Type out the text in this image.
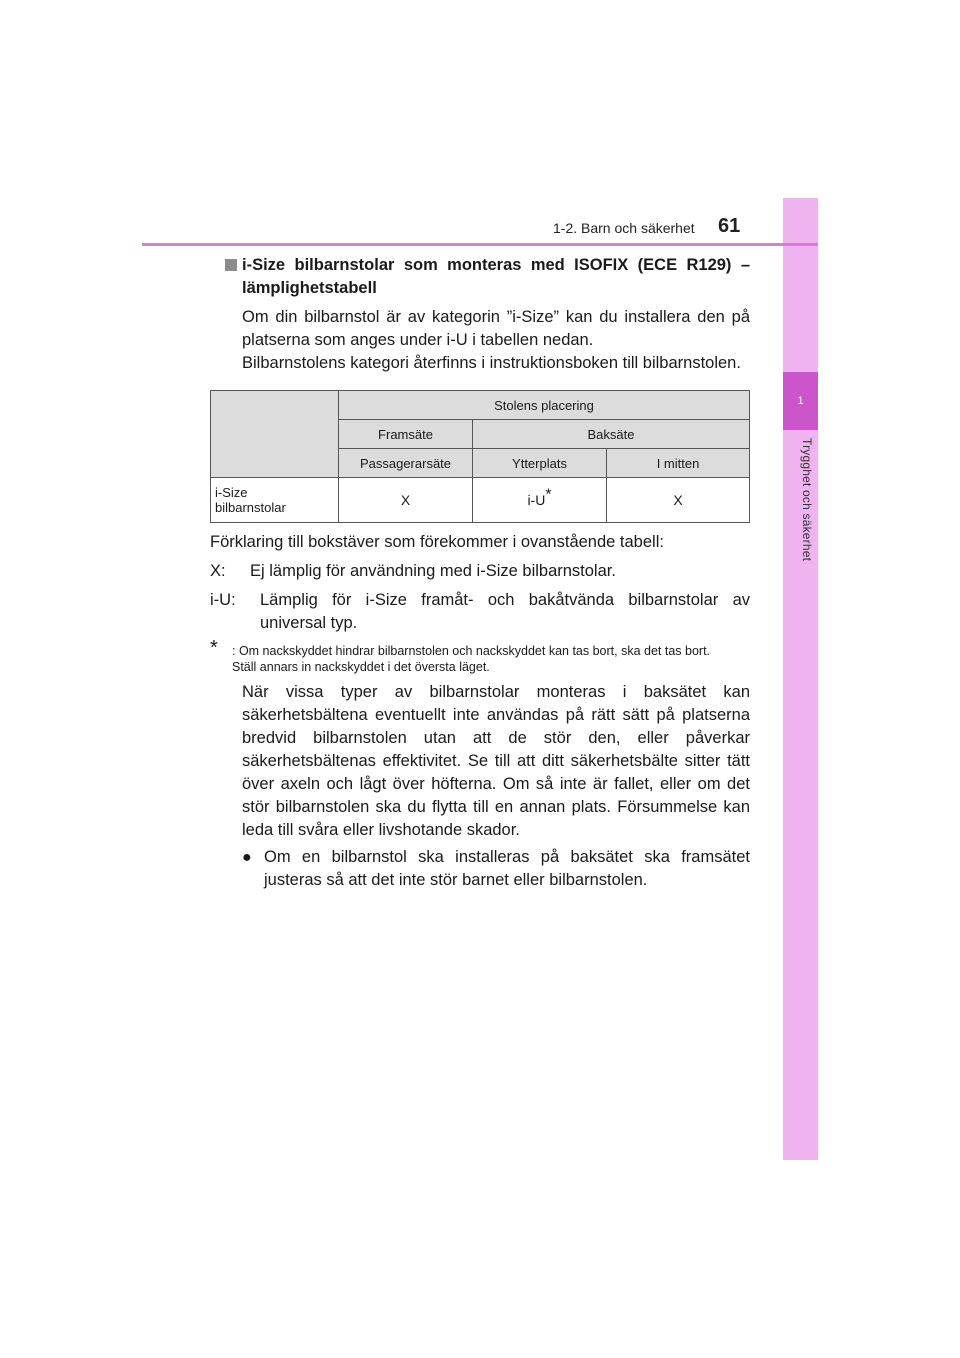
1
Trygghet och säkerhet
1-2. Barn och säkerhet 61
i-Size bilbarnstolar som monteras med ISOFIX (ECE R129) – lämplighetstabell
Om din bilbarnstol är av kategorin ”i-Size” kan du installera den på platserna som anges under i-U i tabellen nedan.
Bilbarnstolens kategori återfinns i instruktionsboken till bilbarnstolen.
	Stolens placering		
	Framsäte	Baksäte	
	Passagerarsäte	Ytterplats	I mitten
i-Size
bilbarnstolar	X	i-U*	X
Förklaring till bokstäver som förekommer i ovanstående tabell:
X:	Ej lämplig för användning med i-Size bilbarnstolar.
i-U:	Lämplig för i-Size framåt- och bakåtvända bilbarnstolar av universal typ.
* : Om nackskyddet hindrar bilbarnstolen och nackskyddet kan tas bort, ska det tas bort.
Ställ annars in nackskyddet i det översta läget.
När vissa typer av bilbarnstolar monteras i baksätet kan säkerhetsbältena eventuellt inte användas på rätt sätt på platserna bredvid bilbarnstolen utan att de stör den, eller påverkar säkerhetsbältenas effektivitet. Se till att ditt säkerhetsbälte sitter tätt över axeln och lågt över höfterna. Om så inte är fallet, eller om det stör bilbarnstolen ska du flytta till en annan plats. Försummelse kan leda till svåra eller livshotande skador.
● Om en bilbarnstol ska installeras på baksätet ska framsätet justeras så att det inte stör barnet eller bilbarnstolen.
